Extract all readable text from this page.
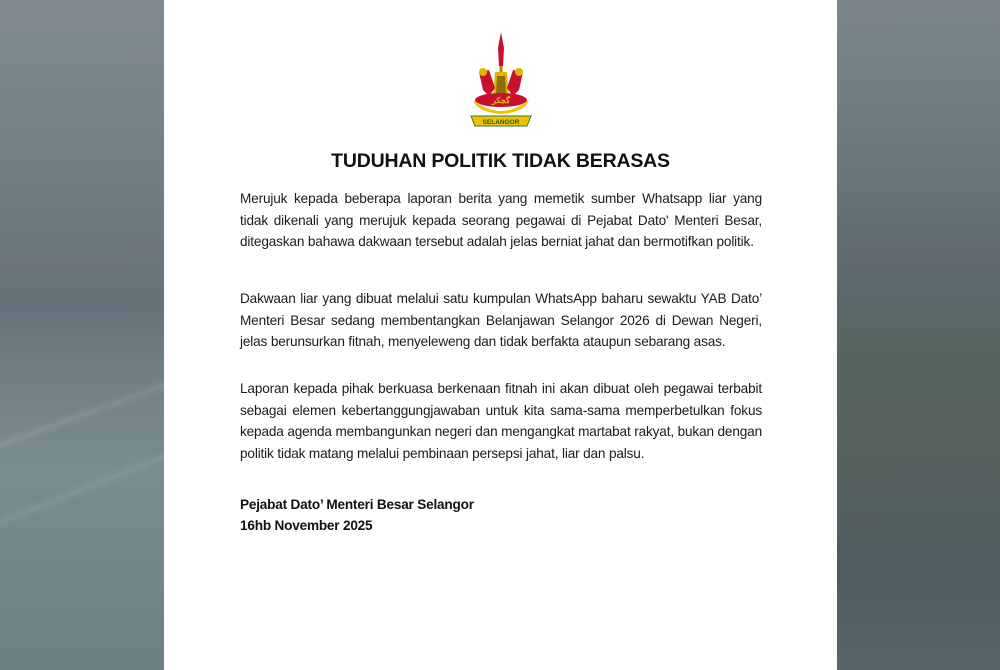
ﮔﺠﻜﺮ
SELANGOR
TUDUHAN POLITIK TIDAK BERASAS
Merujuk kepada beberapa laporan berita yang memetik sumber Whatsapp liar yang tidak dikenali yang merujuk kepada seorang pegawai di Pejabat Dato' Menteri Besar, ditegaskan bahawa dakwaan tersebut adalah jelas berniat jahat dan bermotifkan politik.
Dakwaan liar yang dibuat melalui satu kumpulan WhatsApp baharu sewaktu YAB Dato’ Menteri Besar sedang membentangkan Belanjawan Selangor 2026 di Dewan Negeri, jelas berunsurkan fitnah, menyeleweng dan tidak berfakta ataupun sebarang asas.
Laporan kepada pihak berkuasa berkenaan fitnah ini akan dibuat oleh pegawai terbabit sebagai elemen kebertanggungjawaban untuk kita sama-sama memperbetulkan fokus kepada agenda membangunkan negeri dan mengangkat martabat rakyat, bukan dengan politik tidak matang melalui pembinaan persepsi jahat, liar dan palsu.
Pejabat Dato’ Menteri Besar Selangor
16hb November 2025
